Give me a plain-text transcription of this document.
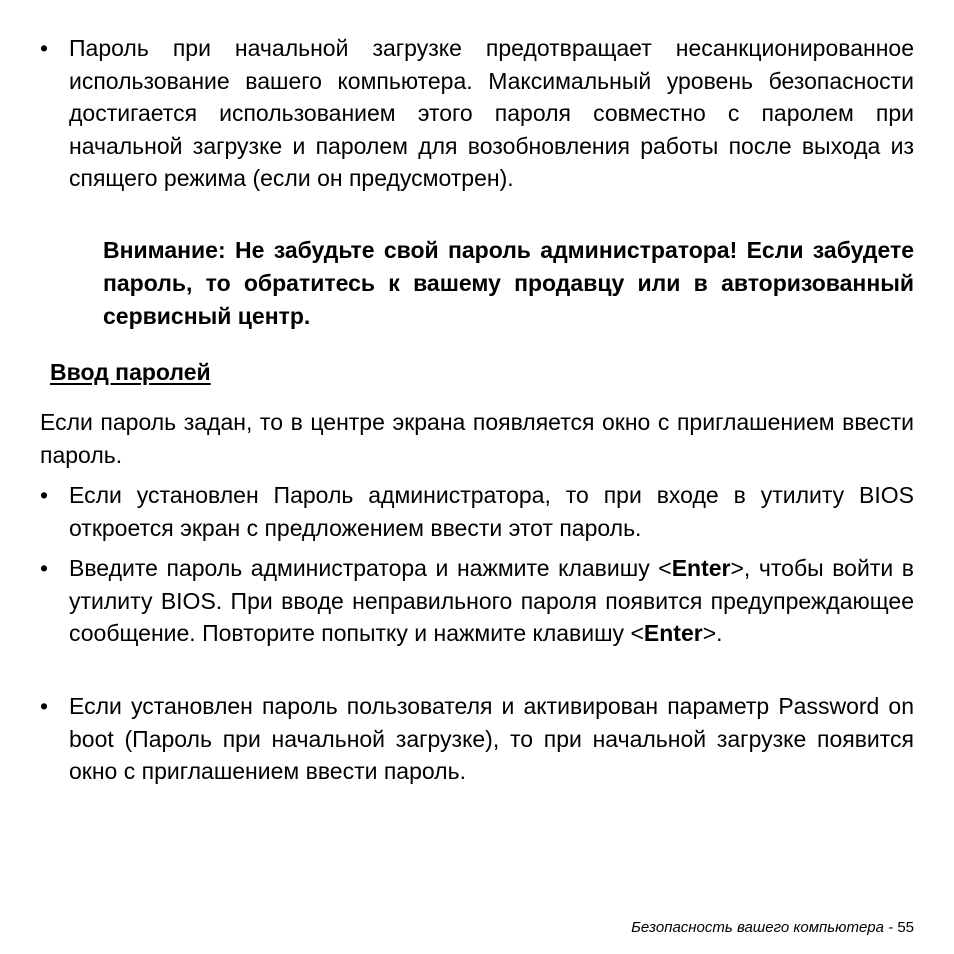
• Пароль при начальной загрузке предотвращает несанкционированное использование вашего компьютера. Максимальный уровень безопасности достигается использованием этого пароля совместно с паролем при начальной загрузке и паролем для возобновления работы после выхода из спящего режима (если он предусмотрен).
Внимание: Не забудьте свой пароль администратора! Если забудете пароль, то обратитесь к вашему продавцу или в авторизованный сервисный центр.
Ввод паролей
Если пароль задан, то в центре экрана появляется окно с приглашением ввести пароль.
• Если установлен Пароль администратора, то при входе в утилиту BIOS откроется экран с предложением ввести этот пароль.
• Введите пароль администратора и нажмите клавишу <Enter>, чтобы войти в утилиту BIOS. При вводе неправильного пароля появится предупреждающее сообщение. Повторите попытку и нажмите клавишу <Enter>.
• Если установлен пароль пользователя и активирован параметр Password on boot (Пароль при начальной загрузке), то при начальной загрузке появится окно с приглашением ввести пароль.
Безопасность вашего компьютера - 55
